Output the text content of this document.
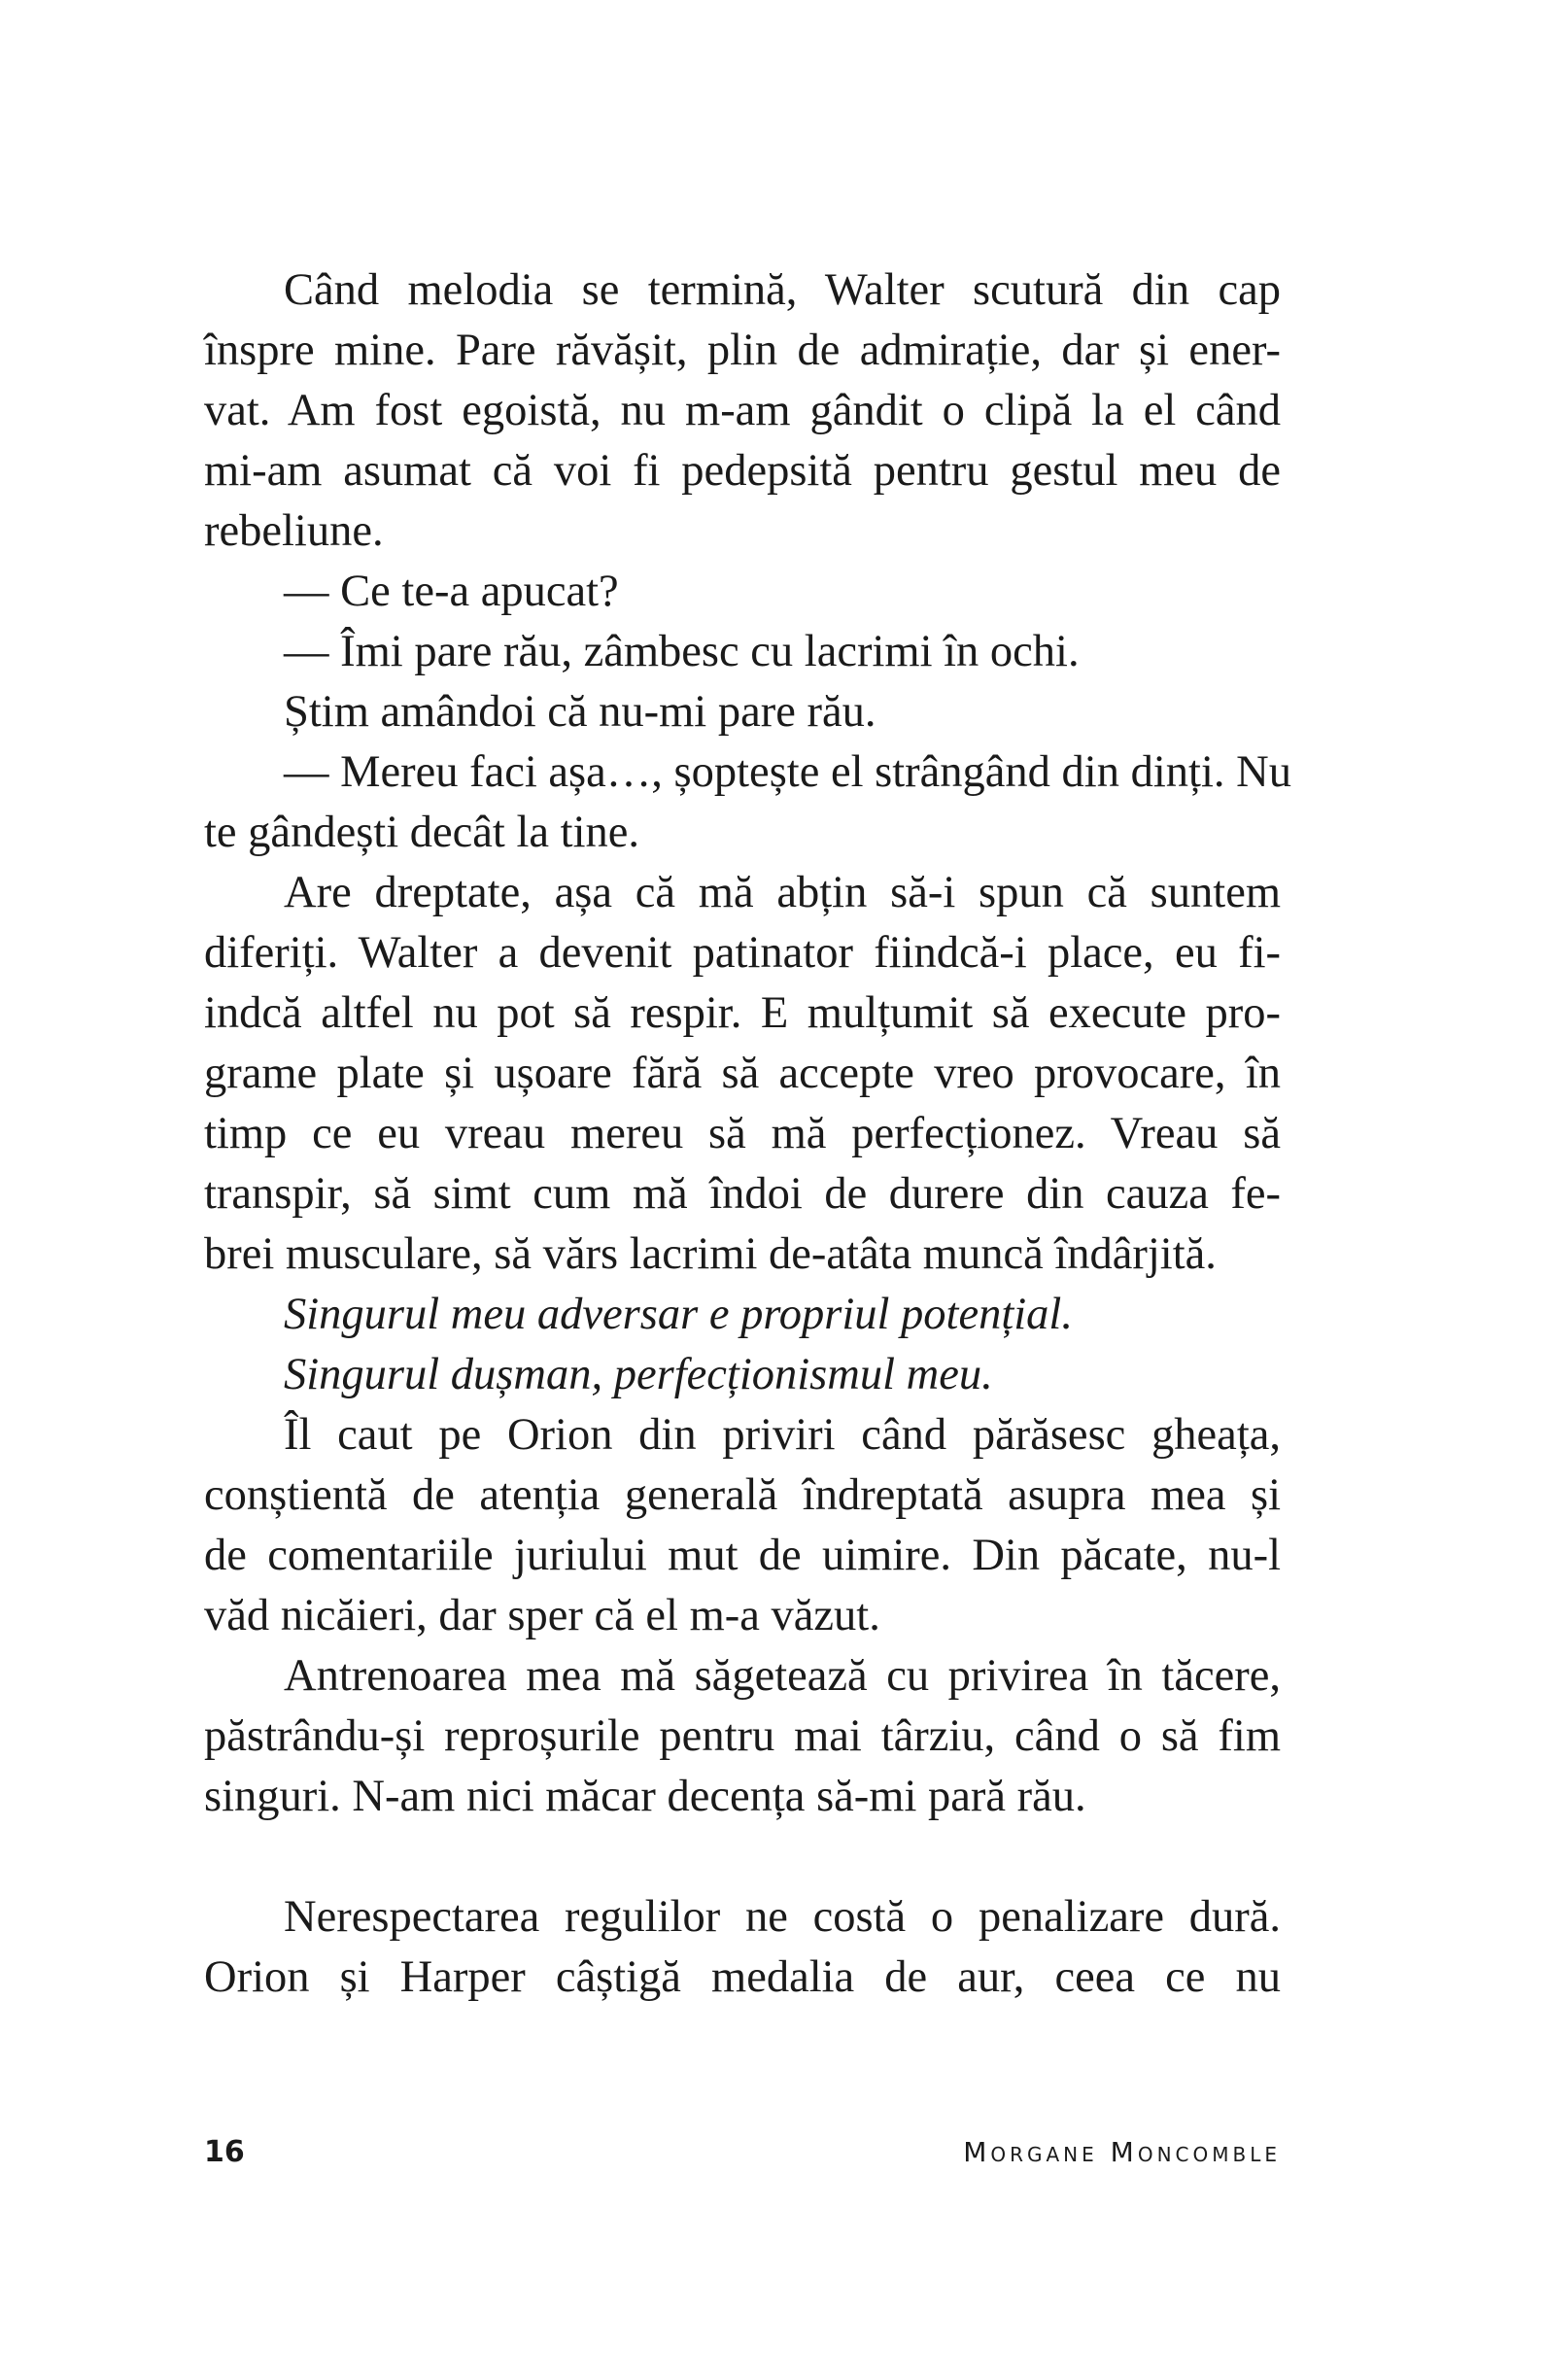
Când melodia se termină, Walter scutură din cap
înspre mine. Pare răvășit, plin de admirație, dar și ener-
vat. Am fost egoistă, nu m-am gândit o clipă la el când
mi-am asumat că voi fi pedepsită pentru gestul meu de
rebeliune.
— Ce te-a apucat?
— Îmi pare rău, zâmbesc cu lacrimi în ochi.
Știm amândoi că nu-mi pare rău.
— Mereu faci așa…, șoptește el strângând din dinți. Nu
te gândești decât la tine.
Are dreptate, așa că mă abțin să-i spun că suntem
diferiți. Walter a devenit patinator fiindcă-i place, eu fi-
indcă altfel nu pot să respir. E mulțumit să execute pro-
grame plate și ușoare fără să accepte vreo provocare, în
timp ce eu vreau mereu să mă perfecționez. Vreau să
transpir, să simt cum mă îndoi de durere din cauza fe-
brei musculare, să vărs lacrimi de-atâta muncă îndârjită.
Singurul meu adversar e propriul potențial.
Singurul dușman, perfecționismul meu.
Îl caut pe Orion din priviri când părăsesc gheața,
conștientă de atenția generală îndreptată asupra mea și
de comentariile juriului mut de uimire. Din păcate, nu-l
văd nicăieri, dar sper că el m-a văzut.
Antrenoarea mea mă săgetează cu privirea în tăcere,
păstrându-și reproșurile pentru mai târziu, când o să fim
singuri. N-am nici măcar decența să-mi pară rău.
Nerespectarea regulilor ne costă o penalizare dură.
Orion și Harper câștigă medalia de aur, ceea ce nu
16	Morgane Moncomble
